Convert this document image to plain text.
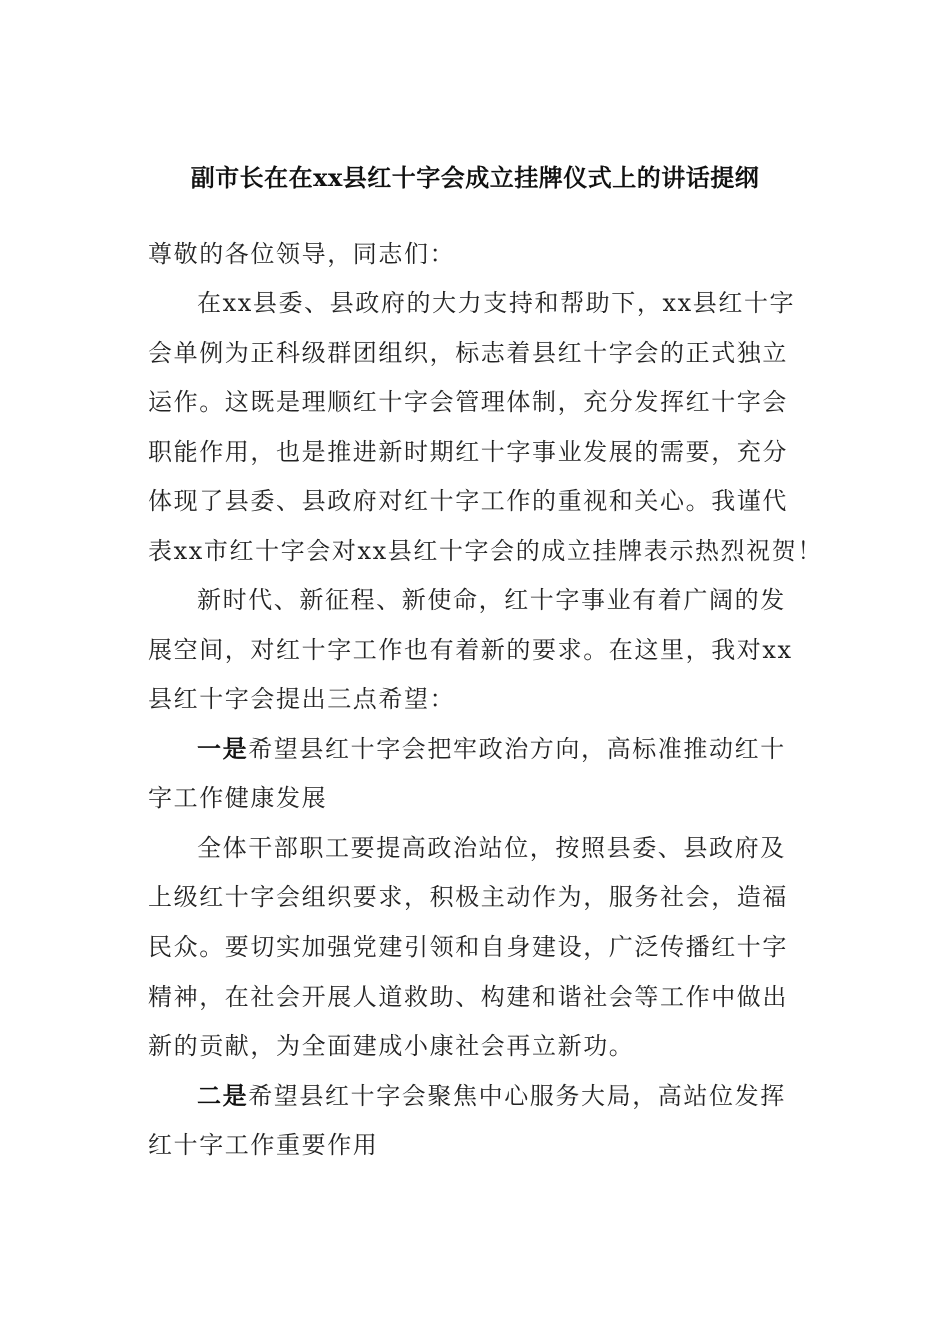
副市长在在xx县红十字会成立挂牌仪式上的讲话提纲
尊敬的各位领导，同志们：
在xx县委、县政府的大力支持和帮助下，xx县红十字
会单例为正科级群团组织，标志着县红十字会的正式独立
运作。这既是理顺红十字会管理体制，充分发挥红十字会
职能作用，也是推进新时期红十字事业发展的需要，充分
体现了县委、县政府对红十字工作的重视和关心。我谨代
表xx市红十字会对xx县红十字会的成立挂牌表示热烈祝贺！
新时代、新征程、新使命，红十字事业有着广阔的发
展空间，对红十字工作也有着新的要求。在这里，我对xx
县红十字会提出三点希望：
一是希望县红十字会把牢政治方向，高标准推动红十
字工作健康发展
全体干部职工要提高政治站位，按照县委、县政府及
上级红十字会组织要求，积极主动作为，服务社会，造福
民众。要切实加强党建引领和自身建设，广泛传播红十字
精神，在社会开展人道救助、构建和谐社会等工作中做出
新的贡献，为全面建成小康社会再立新功。
二是希望县红十字会聚焦中心服务大局，高站位发挥
红十字工作重要作用
